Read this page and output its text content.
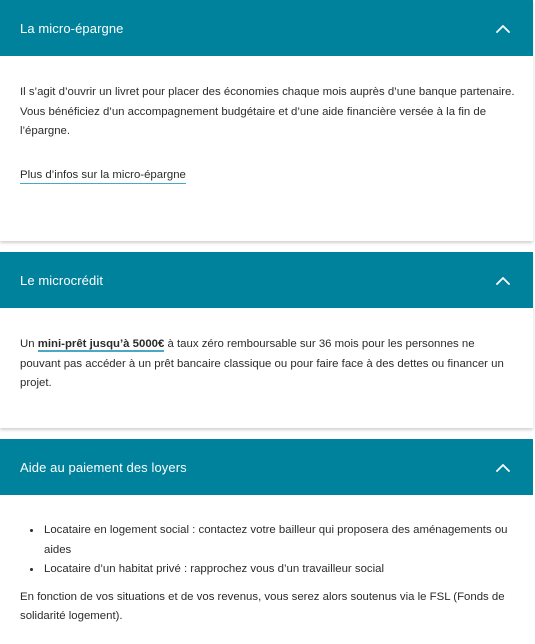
La micro-épargne
Il s’agit d’ouvrir un livret pour placer des économies chaque mois auprès d’une banque partenaire. Vous bénéficiez d’un accompagnement budgétaire et d’une aide financière versée à la fin de l’épargne.
Plus d’infos sur la micro-épargne
Le microcrédit
Un mini-prêt jusqu’à 5000€ à taux zéro remboursable sur 36 mois pour les personnes ne pouvant pas accéder à un prêt bancaire classique ou pour faire face à des dettes ou financer un projet.
Aide au paiement des loyers
• Locataire en logement social : contactez votre bailleur qui proposera des aménagements ou aides
• Locataire d’un habitat privé : rapprochez vous d’un travailleur social
En fonction de vos situations et de vos revenus, vous serez alors soutenus via le FSL (Fonds de solidarité logement).
